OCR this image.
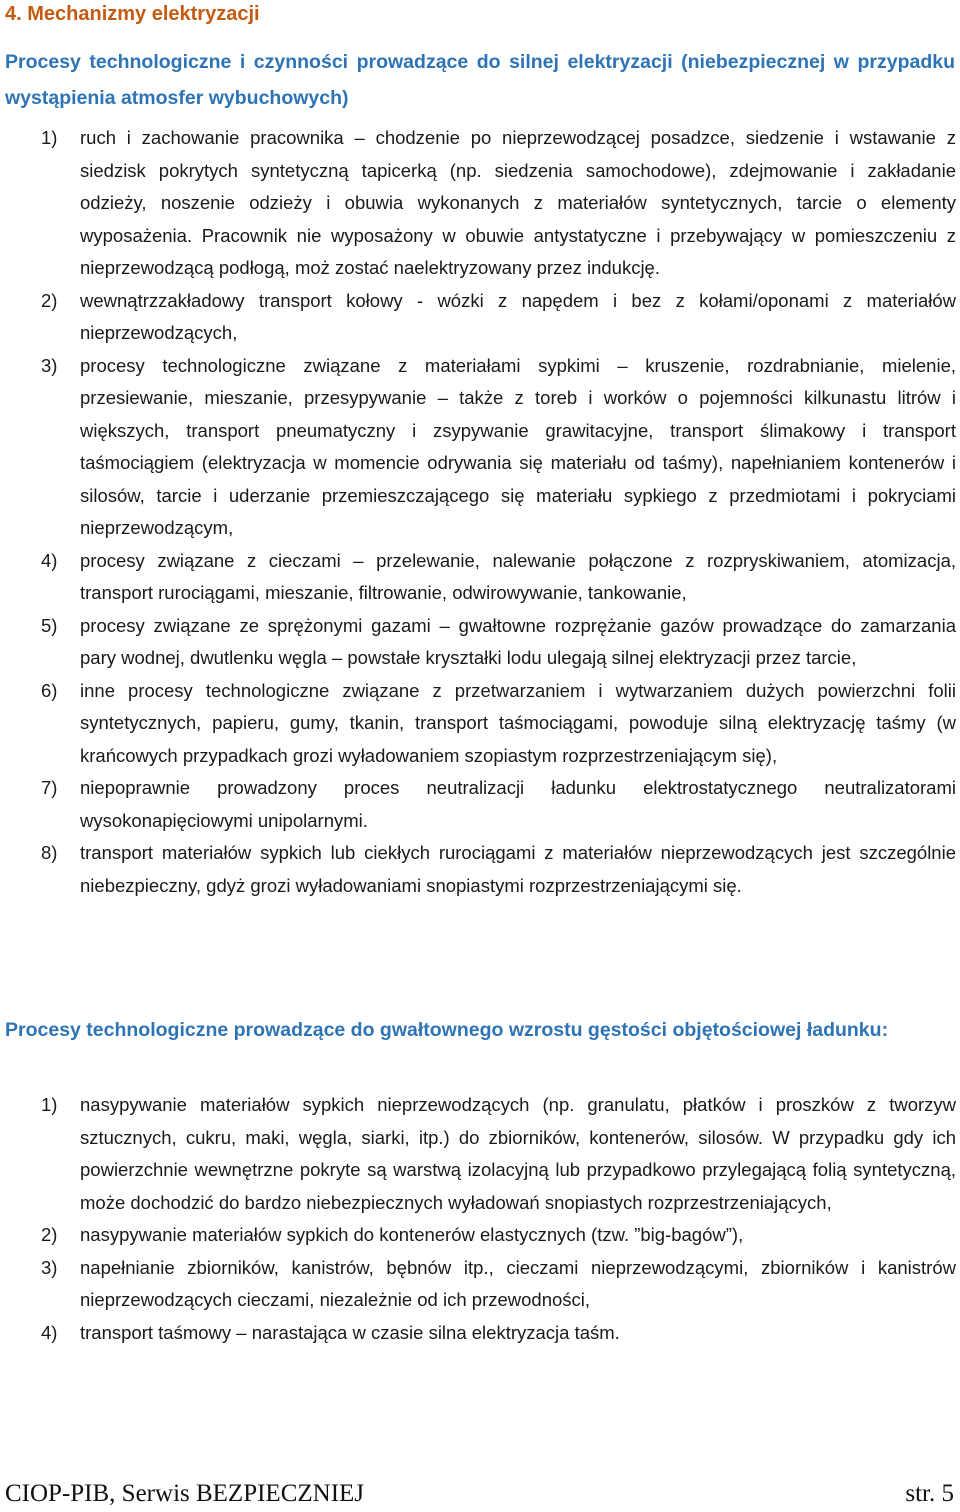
4. Mechanizmy elektryzacji
Procesy technologiczne i czynności prowadzące do silnej elektryzacji (niebezpiecznej w przypadku wystąpienia atmosfer wybuchowych)
1) ruch i zachowanie pracownika – chodzenie po nieprzewodzącej posadzce, siedzenie i wstawanie z siedzisk pokrytych syntetyczną tapicerką (np. siedzenia samochodowe), zdejmowanie i zakładanie odzieży, noszenie odzieży i obuwia wykonanych z materiałów syntetycznych, tarcie o elementy wyposażenia. Pracownik nie wyposażony w obuwie antystatyczne i przebywający w pomieszczeniu z nieprzewodzącą podłogą, moż zostać naelektryzowany przez indukcję.
2) wewnątrzzakładowy transport kołowy - wózki z napędem i bez z kołami/oponami z materiałów nieprzewodzących,
3) procesy technologiczne związane z materiałami sypkimi – kruszenie, rozdrabnianie, mielenie, przesiewanie, mieszanie, przesypywanie – także z toreb i worków o pojemności kilkunastu litrów i większych, transport pneumatyczny i zsypywanie grawitacyjne, transport ślimakowy i transport taśmociągiem (elektryzacja w momencie odrywania się materiału od taśmy), napełnianiem kontenerów i silosów, tarcie i uderzanie przemieszczającego się materiału sypkiego z przedmiotami i pokryciami nieprzewodzącym,
4) procesy związane z cieczami – przelewanie, nalewanie połączone z rozpryskiwaniem, atomizacja, transport rurociągami, mieszanie, filtrowanie, odwirowywanie, tankowanie,
5) procesy związane ze sprężonymi gazami – gwałtowne rozprężanie gazów prowadzące do zamarzania pary wodnej, dwutlenku węgla – powstałe kryształki lodu ulegają silnej elektryzacji przez tarcie,
6) inne procesy technologiczne związane z przetwarzaniem i wytwarzaniem dużych powierzchni folii syntetycznych, papieru, gumy, tkanin, transport taśmociągami, powoduje silną elektryzację taśmy (w krańcowych przypadkach grozi wyładowaniem szopiastym rozprzestrzeniającym się),
7) niepoprawnie prowadzony proces neutralizacji ładunku elektrostatycznego neutralizatorami wysokonapięciowymi unipolarnymi.
8) transport materiałów sypkich lub ciekłych rurociągami z materiałów nieprzewodzących jest szczególnie niebezpieczny, gdyż grozi wyładowaniami snopiastymi rozprzestrzeniającymi się.
Procesy technologiczne prowadzące do gwałtownego wzrostu gęstości objętościowej ładunku:
1) nasypywanie materiałów sypkich nieprzewodzących (np. granulatu, płatków i proszków z tworzyw sztucznych, cukru, maki, węgla, siarki, itp.) do zbiorników, kontenerów, silosów. W przypadku gdy ich powierzchnie wewnętrzne pokryte są warstwą izolacyjną lub przypadkowo przylegającą folią syntetyczną, może dochodzić do bardzo niebezpiecznych wyładowań snopiastych rozprzestrzeniających,
2) nasypywanie materiałów sypkich do kontenerów elastycznych (tzw. ”big-bagów”),
3) napełnianie zbiorników, kanistrów, bębnów itp., cieczami nieprzewodzącymi, zbiorników i kanistrów nieprzewodzących cieczami, niezależnie od ich przewodności,
4) transport taśmowy – narastająca w czasie silna elektryzacja taśm.
CIOP-PIB, Serwis BEZPIECZNIEJ	str. 5
